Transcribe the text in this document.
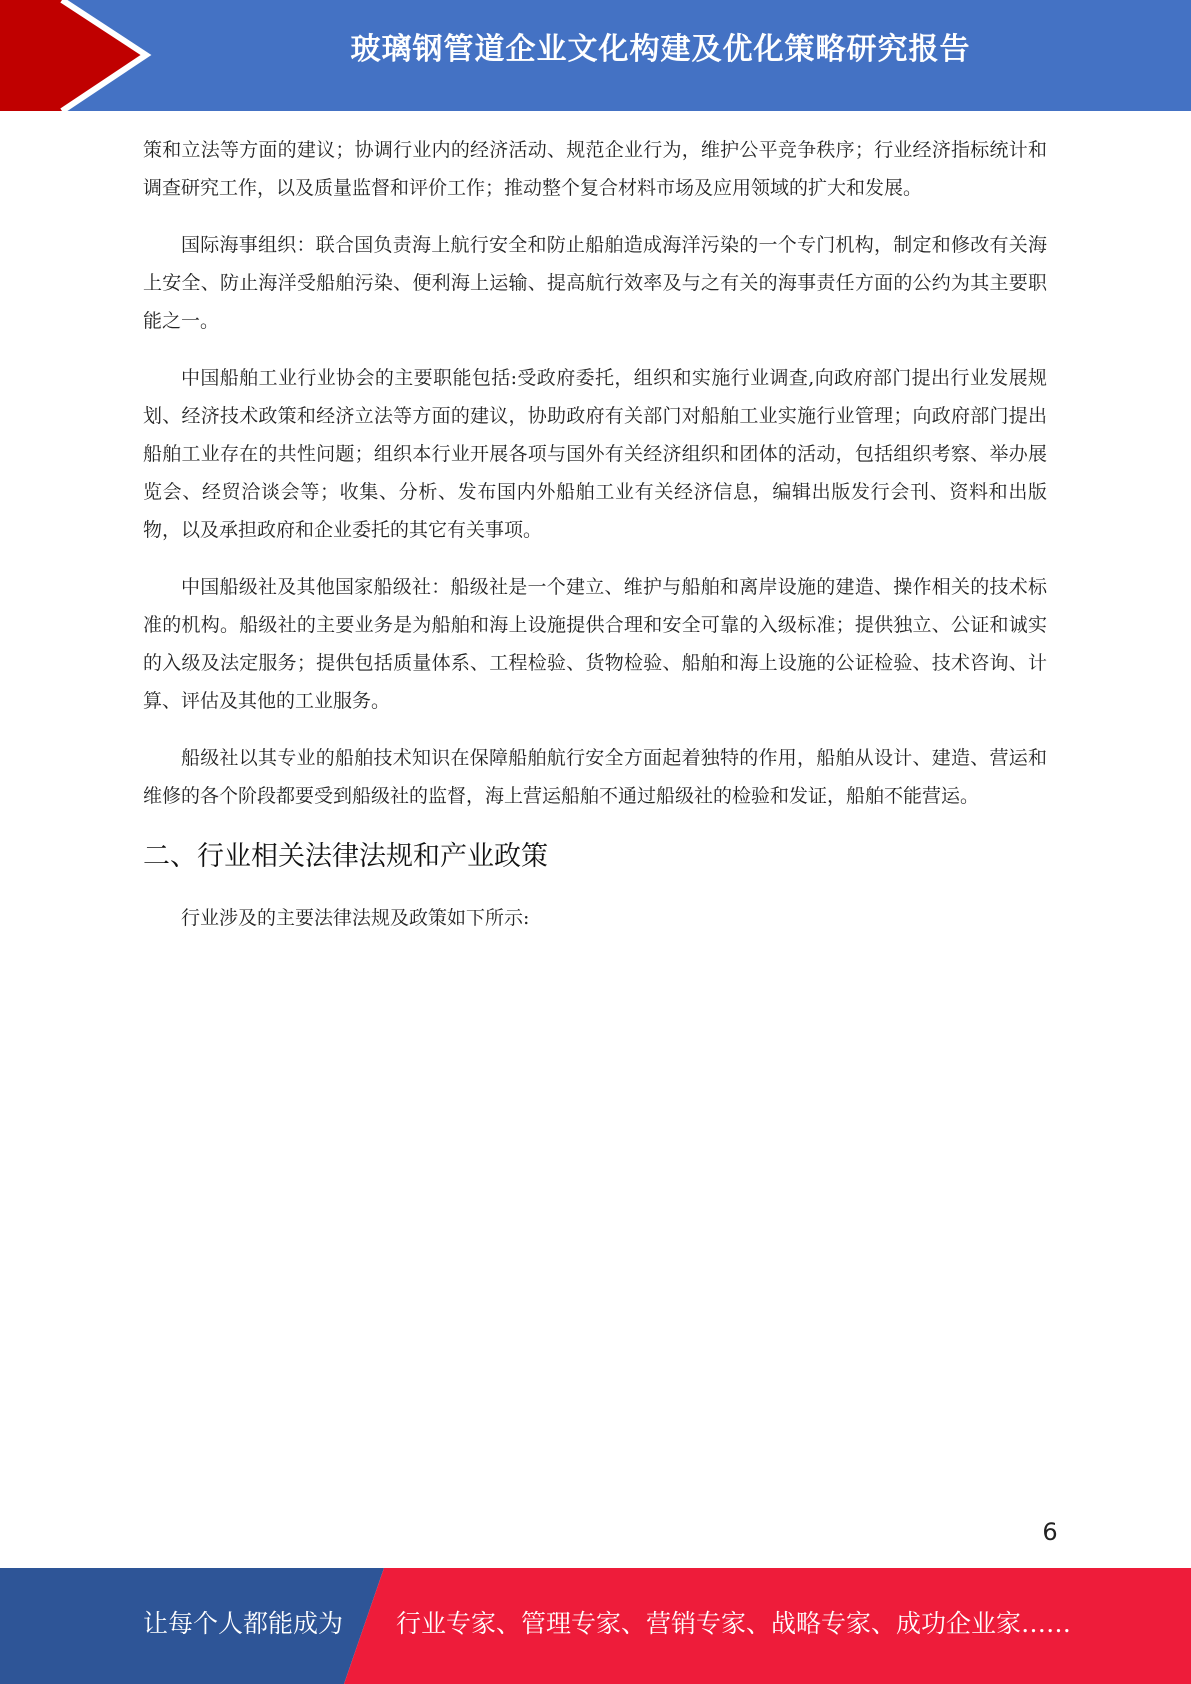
玻璃钢管道企业文化构建及优化策略研究报告

策和立法等方面的建议；协调行业内的经济活动、规范企业行为，维护公平竞争秩序；行业经济指标统计和调查研究工作，以及质量监督和评价工作；推动整个复合材料市场及应用领域的扩大和发展。

国际海事组织：联合国负责海上航行安全和防止船舶造成海洋污染的一个专门机构，制定和修改有关海上安全、防止海洋受船舶污染、便利海上运输、提高航行效率及与之有关的海事责任方面的公约为其主要职能之一。

中国船舶工业行业协会的主要职能包括:受政府委托，组织和实施行业调查,向政府部门提出行业发展规划、经济技术政策和经济立法等方面的建议，协助政府有关部门对船舶工业实施行业管理；向政府部门提出船舶工业存在的共性问题；组织本行业开展各项与国外有关经济组织和团体的活动，包括组织考察、举办展览会、经贸洽谈会等；收集、分析、发布国内外船舶工业有关经济信息，编辑出版发行会刊、资料和出版物，以及承担政府和企业委托的其它有关事项。

中国船级社及其他国家船级社：船级社是一个建立、维护与船舶和离岸设施的建造、操作相关的技术标准的机构。船级社的主要业务是为船舶和海上设施提供合理和安全可靠的入级标准；提供独立、公证和诚实的入级及法定服务；提供包括质量体系、工程检验、货物检验、船舶和海上设施的公证检验、技术咨询、计算、评估及其他的工业服务。

船级社以其专业的船舶技术知识在保障船舶航行安全方面起着独特的作用，船舶从设计、建造、营运和维修的各个阶段都要受到船级社的监督，海上营运船舶不通过船级社的检验和发证，船舶不能营运。

二、行业相关法律法规和产业政策

行业涉及的主要法律法规及政策如下所示:

6
让每个人都能成为 行业专家、管理专家、营销专家、战略专家、成功企业家……
